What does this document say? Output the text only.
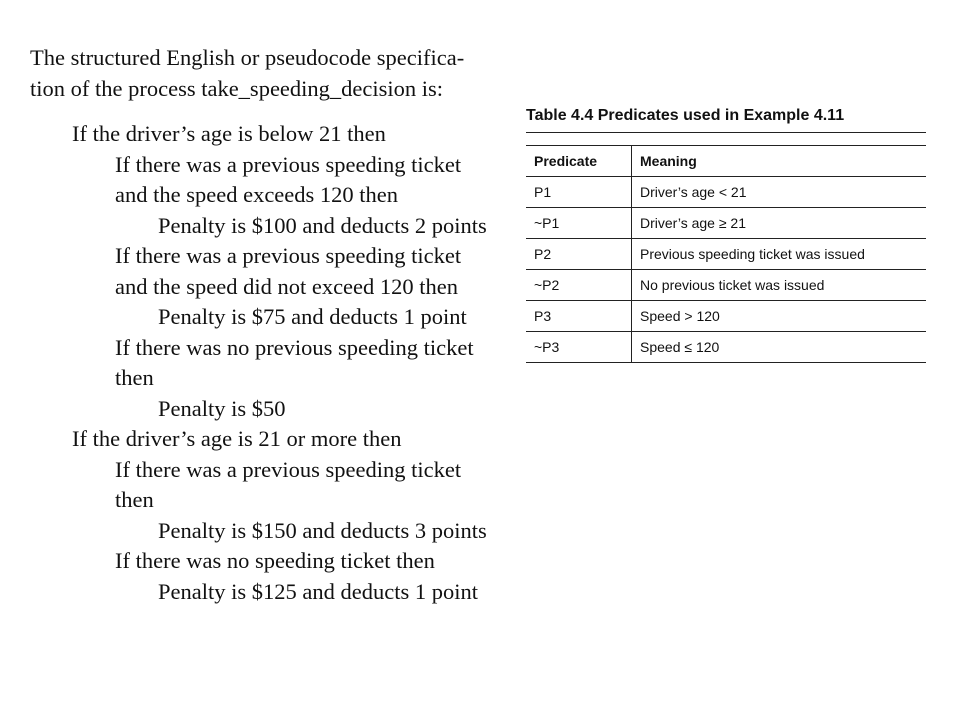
The structured English or pseudocode specifica-
tion of the process take_speeding_decision is:
If the driver’s age is below 21 then
If there was a previous speeding ticket
and the speed exceeds 120 then
Penalty is $100 and deducts 2 points
If there was a previous speeding ticket
and the speed did not exceed 120 then
Penalty is $75 and deducts 1 point
If there was no previous speeding ticket
then
Penalty is $50
If the driver’s age is 21 or more then
If there was a previous speeding ticket
then
Penalty is $150 and deducts 3 points
If there was no speeding ticket then
Penalty is $125 and deducts 1 point
Table 4.4 Predicates used in Example 4.11
Predicate	Meaning
P1	Driver’s age < 21
~P1	Driver’s age ≥ 21
P2	Previous speeding ticket was issued
~P2	No previous ticket was issued
P3	Speed > 120
~P3	Speed ≤ 120
